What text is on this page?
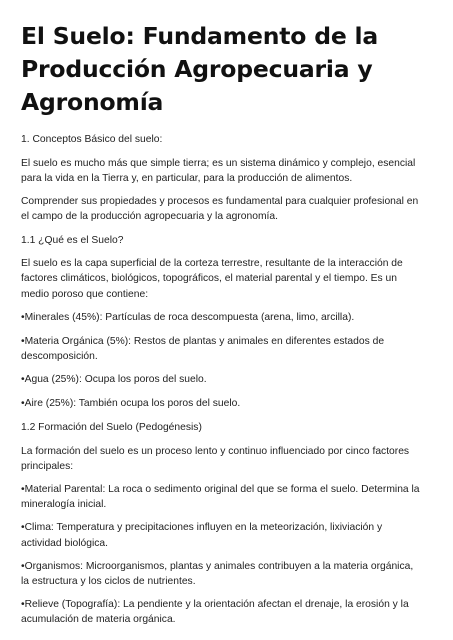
El Suelo: Fundamento de la
Producción Agropecuaria y
Agronomía

1. Conceptos Básico del suelo:

El suelo es mucho más que simple tierra; es un sistema dinámico y complejo, esencial para la vida en la Tierra y, en particular, para la producción de alimentos.

Comprender sus propiedades y procesos es fundamental para cualquier profesional en el campo de la producción agropecuaria y la agronomía.

1.1 ¿Qué es el Suelo?

El suelo es la capa superficial de la corteza terrestre, resultante de la interacción de factores climáticos, biológicos, topográficos, el material parental y el tiempo. Es un medio poroso que contiene:

•Minerales (45%): Partículas de roca descompuesta (arena, limo, arcilla).

•Materia Orgánica (5%): Restos de plantas y animales en diferentes estados de descomposición.

•Agua (25%): Ocupa los poros del suelo.

•Aire (25%): También ocupa los poros del suelo.

1.2 Formación del Suelo (Pedogénesis)

La formación del suelo es un proceso lento y continuo influenciado por cinco factores principales:

•Material Parental: La roca o sedimento original del que se forma el suelo. Determina la mineralogía inicial.

•Clima: Temperatura y precipitaciones influyen en la meteorización, lixiviación y actividad biológica.

•Organismos: Microorganismos, plantas y animales contribuyen a la materia orgánica, la estructura y los ciclos de nutrientes.

•Relieve (Topografía): La pendiente y la orientación afectan el drenaje, la erosión y la acumulación de materia orgánica.
